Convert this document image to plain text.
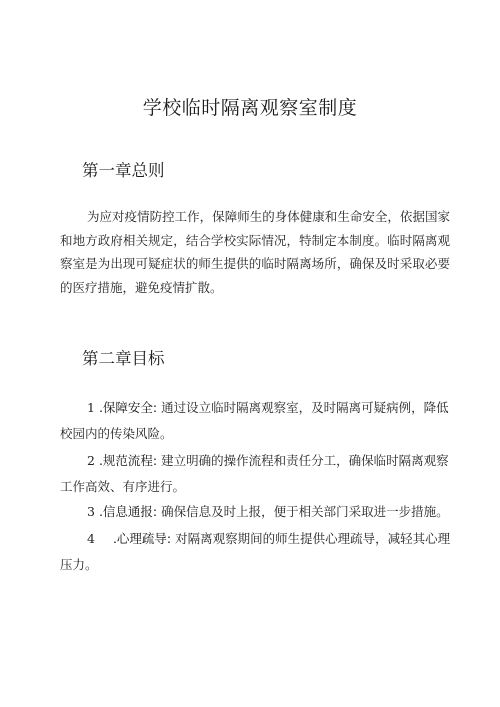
学校临时隔离观察室制度
第一章总则
为应对疫情防控工作，保障师生的身体健康和生命安全，依据国家和地方政府相关规定，结合学校实际情况，特制定本制度。临时隔离观察室是为出现可疑症状的师生提供的临时隔离场所，确保及时采取必要的医疗措施，避免疫情扩散。
第二章目标
1 .保障安全: 通过设立临时隔离观察室，及时隔离可疑病例，降低校园内的传染风险。
2 .规范流程: 建立明确的操作流程和责任分工，确保临时隔离观察工作高效、有序进行。
3 .信息通报: 确保信息及时上报，便于相关部门采取进一步措施。
4 .心理疏导: 对隔离观察期间的师生提供心理疏导，减轻其心理压力。
